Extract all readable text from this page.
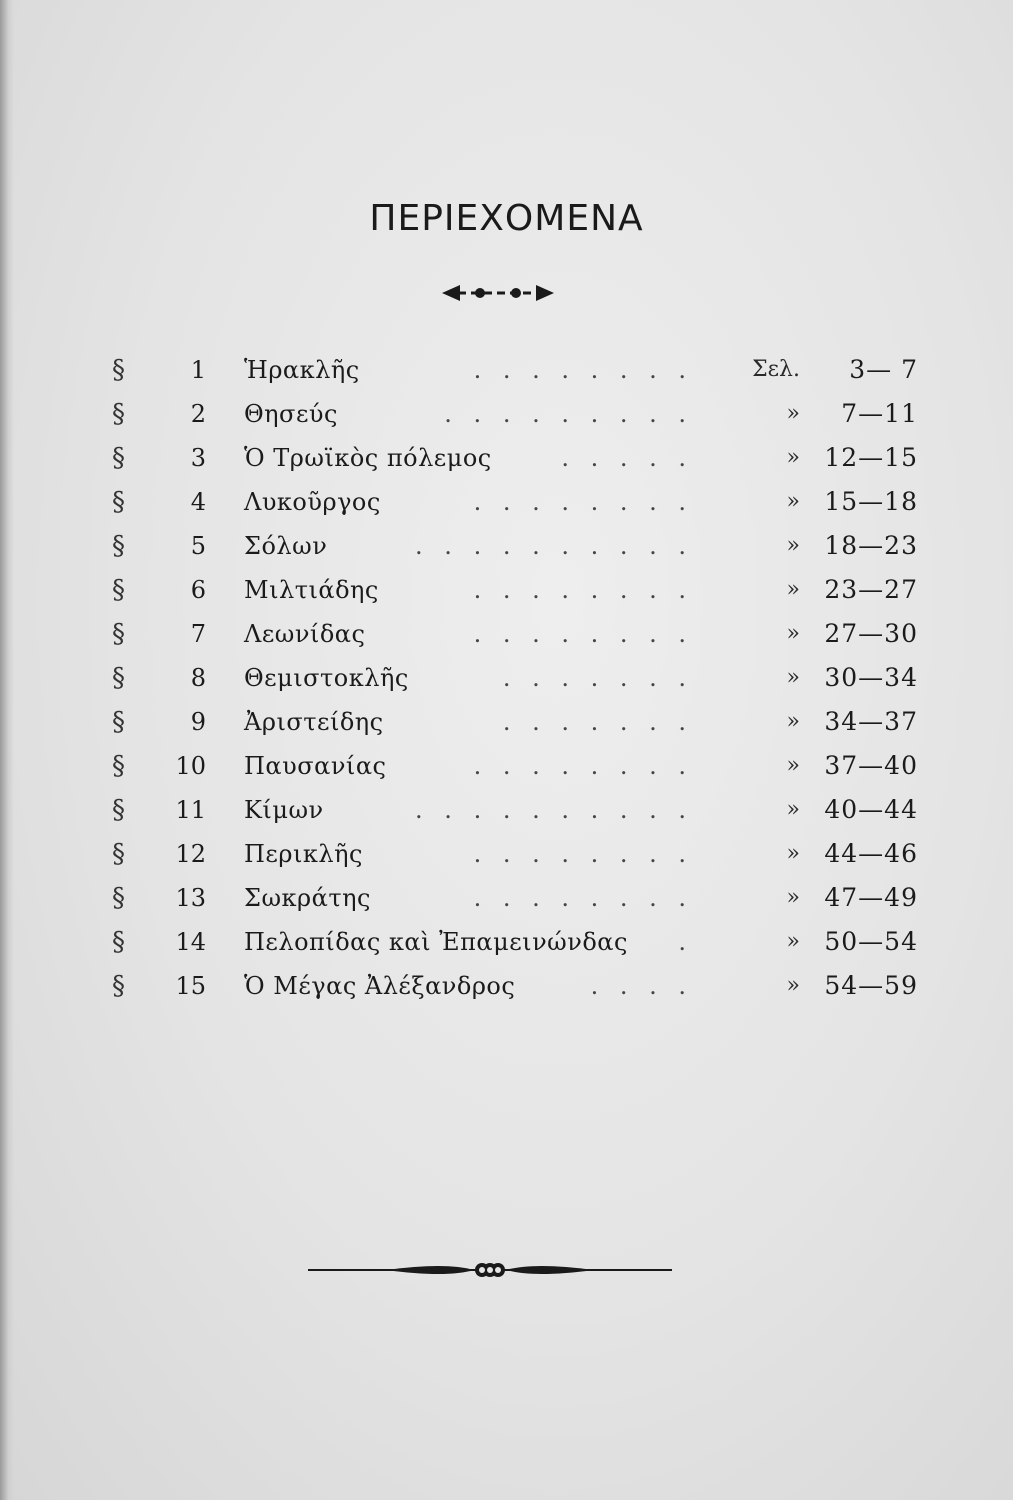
ΠΕΡΙΕΧΟΜΕΝΑ
§	1 Ἡρακλῆς	. . . . . . . .	Σελ.	3— 7
§	2 Θησεύς	. . . . . . . . .	»	7—11
§	3 Ὁ Τρωϊκὸς πόλεμος	. . . . .	» 12—15
§	4 Λυκοῦργος	. . . . . . . .	» 15—18
§	5 Σόλων	. . . . . . . . . .	» 18—23
§	6 Μιλτιάδης	. . . . . . . .	» 23—27
§	7 Λεωνίδας	. . . . . . . .	» 27—30
§	8 Θεμιστοκλῆς	. . . . . . .	» 30—34
§	9 Ἀριστείδης	. . . . . . .	» 34—37
§	10 Παυσανίας	. . . . . . . .	» 37—40
§	11 Κίμων	. . . . . . . . . .	» 40—44
§	12 Περικλῆς	. . . . . . . .	» 44—46
§	13 Σωκράτης	. . . . . . . .	» 47—49
§	14 Πελοπίδας καὶ Ἐπαμεινώνδας .	» 50—54
§	15 Ὁ Μέγας Ἀλέξανδρος	. . . .	» 54—59
